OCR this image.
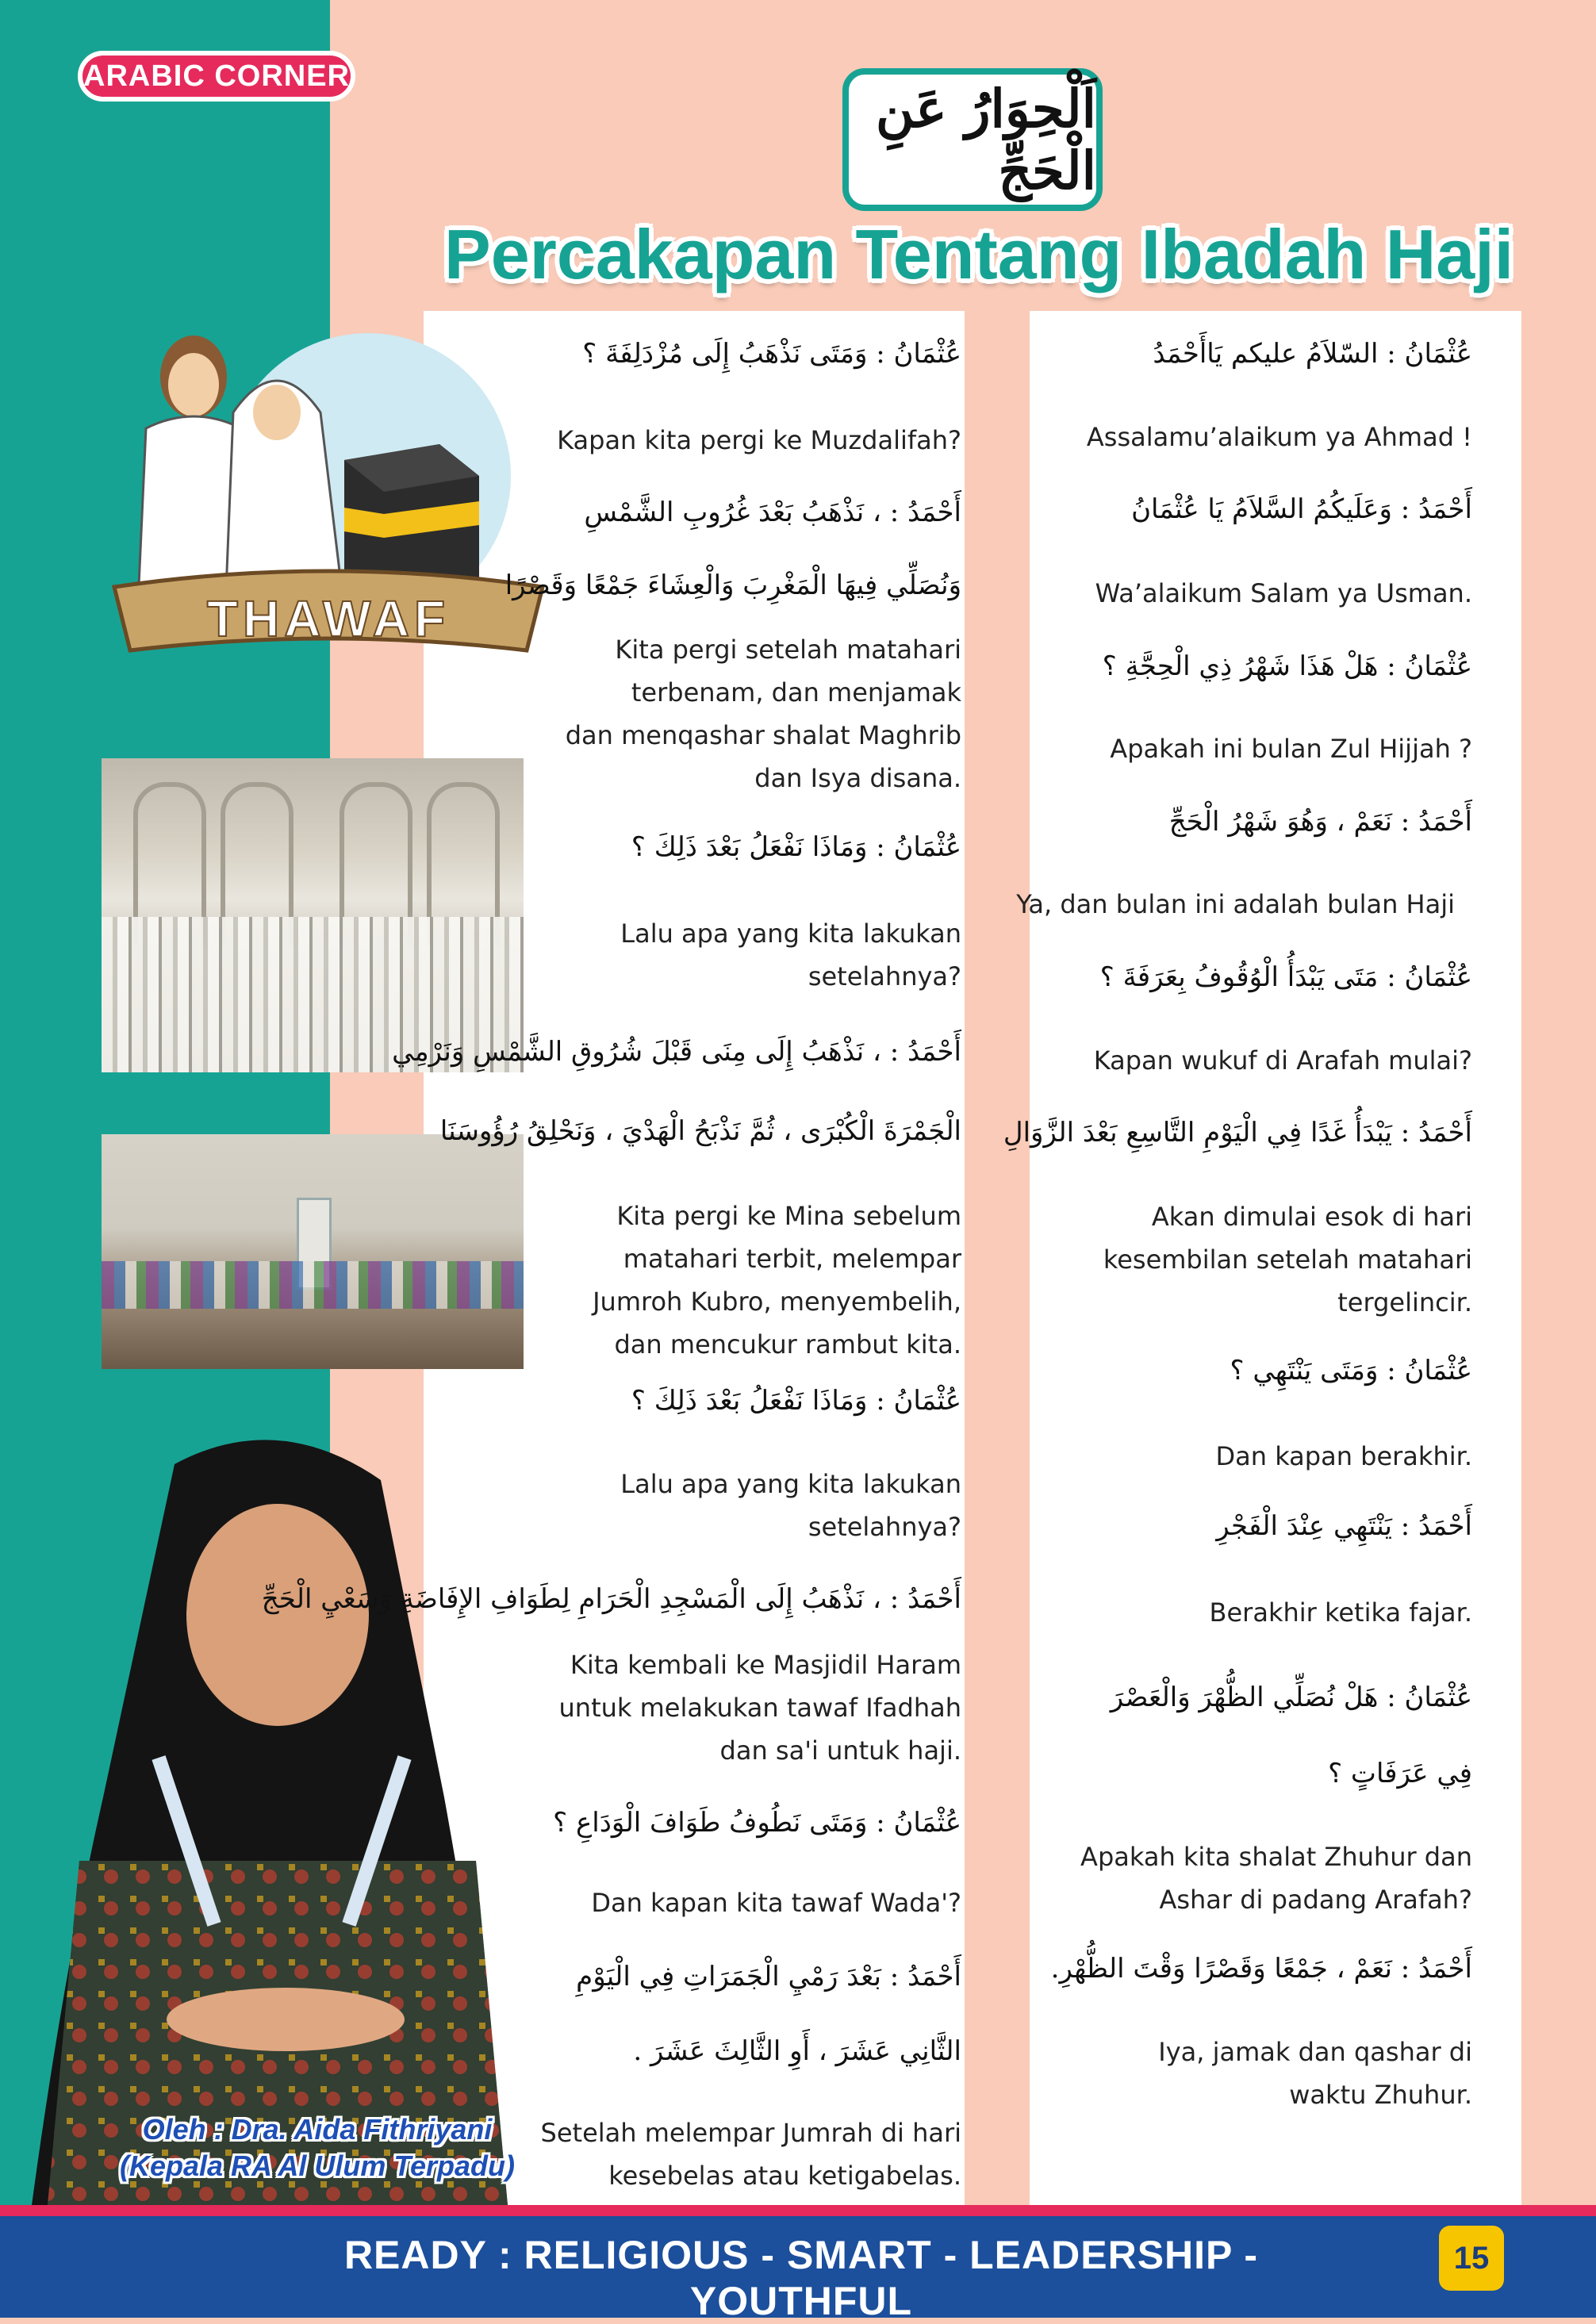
ARABIC CORNER
اَلْحِوَارُ عَنِ الْحَجِّ
Percakapan Tentang Ibadah Haji
THAWAF
Oleh : Dra. Aida Fithriyani
(Kepala RA Al Ulum Terpadu)
عُثْمَانُ : السّلاَمُ عليكم يَاأَحْمَدُ
Assalamu’alaikum ya Ahmad !
أَحْمَدُ : وَعَلَيكُمُ السَّلاَمُ يَا عُثْمَانُ
Wa’alaikum Salam ya Usman.
عُثْمَانُ : هَلْ هَذَا شَهْرُ ذِي الْحِجَّةِ ؟
Apakah ini bulan Zul Hijjah ?
أَحْمَدُ : نَعَمْ ، وَهُوَ شَهْرُ الْحَجِّ
Ya, dan bulan ini adalah bulan Haji
عُثْمَانُ : مَتَى يَبْدَأُ الْوُقُوفُ بِعَرَفَةَ ؟
Kapan wukuf di Arafah mulai?
أَحْمَدُ : يَبْدَأُ غَدًا فِي الْيَوْمِ التَّاسِعِ بَعْدَ الزَّوَالِ
Akan dimulai esok di hari
kesembilan setelah matahari
tergelincir.
عُثْمَانُ : وَمَتَى يَنْتَهِي ؟
Dan kapan berakhir.
أَحْمَدُ : يَنْتَهِي عِنْدَ الْفَجْرِ
Berakhir ketika fajar.
عُثْمَانُ : هَلْ نُصَلِّي الظُّهْرَ وَالْعَصْرَ
فِي عَرَفَاتٍ ؟
Apakah kita shalat Zhuhur dan
Ashar di padang Arafah?
أَحْمَدُ : نَعَمْ ، جَمْعًا وَقَصْرًا وَقْتَ الظُّهْرِ.
Iya, jamak dan qashar di
waktu Zhuhur.
عُثْمَانُ : وَمَتَى نَذْهَبُ إِلَى مُزْدَلِفَةَ ؟
Kapan kita pergi ke Muzdalifah?
أَحْمَدُ : ، نَذْهَبُ بَعْدَ غُرُوبِ الشَّمْسِ
وَنُصَلِّي فِيهَا الْمَغْرِبَ وَالْعِشَاءَ جَمْعًا وَقَصْرًا
Kita pergi setelah matahari
terbenam, dan menjamak
dan menqashar shalat Maghrib
dan Isya disana.
عُثْمَانُ : وَمَاذَا نَفْعَلُ بَعْدَ ذَلِكَ ؟
Lalu apa yang kita lakukan
setelahnya?
أَحْمَدُ : ، نَذْهَبُ إِلَى مِنَى قَبْلَ شُرُوقِ الشَّمْسِ وَنَرْمِي
الْجَمْرَةَ الْكُبْرَى ، ثُمَّ نَذْبَحُ الْهَدْيَ ، وَنَحْلِقُ رُؤُوسَنَا
Kita pergi ke Mina sebelum
matahari terbit, melempar
Jumroh Kubro, menyembelih,
dan mencukur rambut kita.
عُثْمَانُ : وَمَاذَا نَفْعَلُ بَعْدَ ذَلِكَ ؟
Lalu apa yang kita lakukan
setelahnya?
أَحْمَدُ : ، نَذْهَبُ إِلَى الْمَسْجِدِ الْحَرَامِ لِطَوَافِ الإِفَاضَةِ وَسَعْيِ الْحَجِّ
Kita kembali ke Masjidil Haram
untuk melakukan tawaf Ifadhah
dan sa'i untuk haji.
عُثْمَانُ : وَمَتَى نَطُوفُ طَوَافَ الْوَدَاعِ ؟
Dan kapan kita tawaf Wada'?
أَحْمَدُ : بَعْدَ رَمْيِ الْجَمَرَاتِ فِي الْيَوْمِ
الثَّانِي عَشَرَ ، أَوِ الثَّالِثَ عَشَرَ .
Setelah melempar Jumrah di hari
kesebelas atau ketigabelas.
READY : RELIGIOUS - SMART - LEADERSHIP - YOUTHFUL
15
